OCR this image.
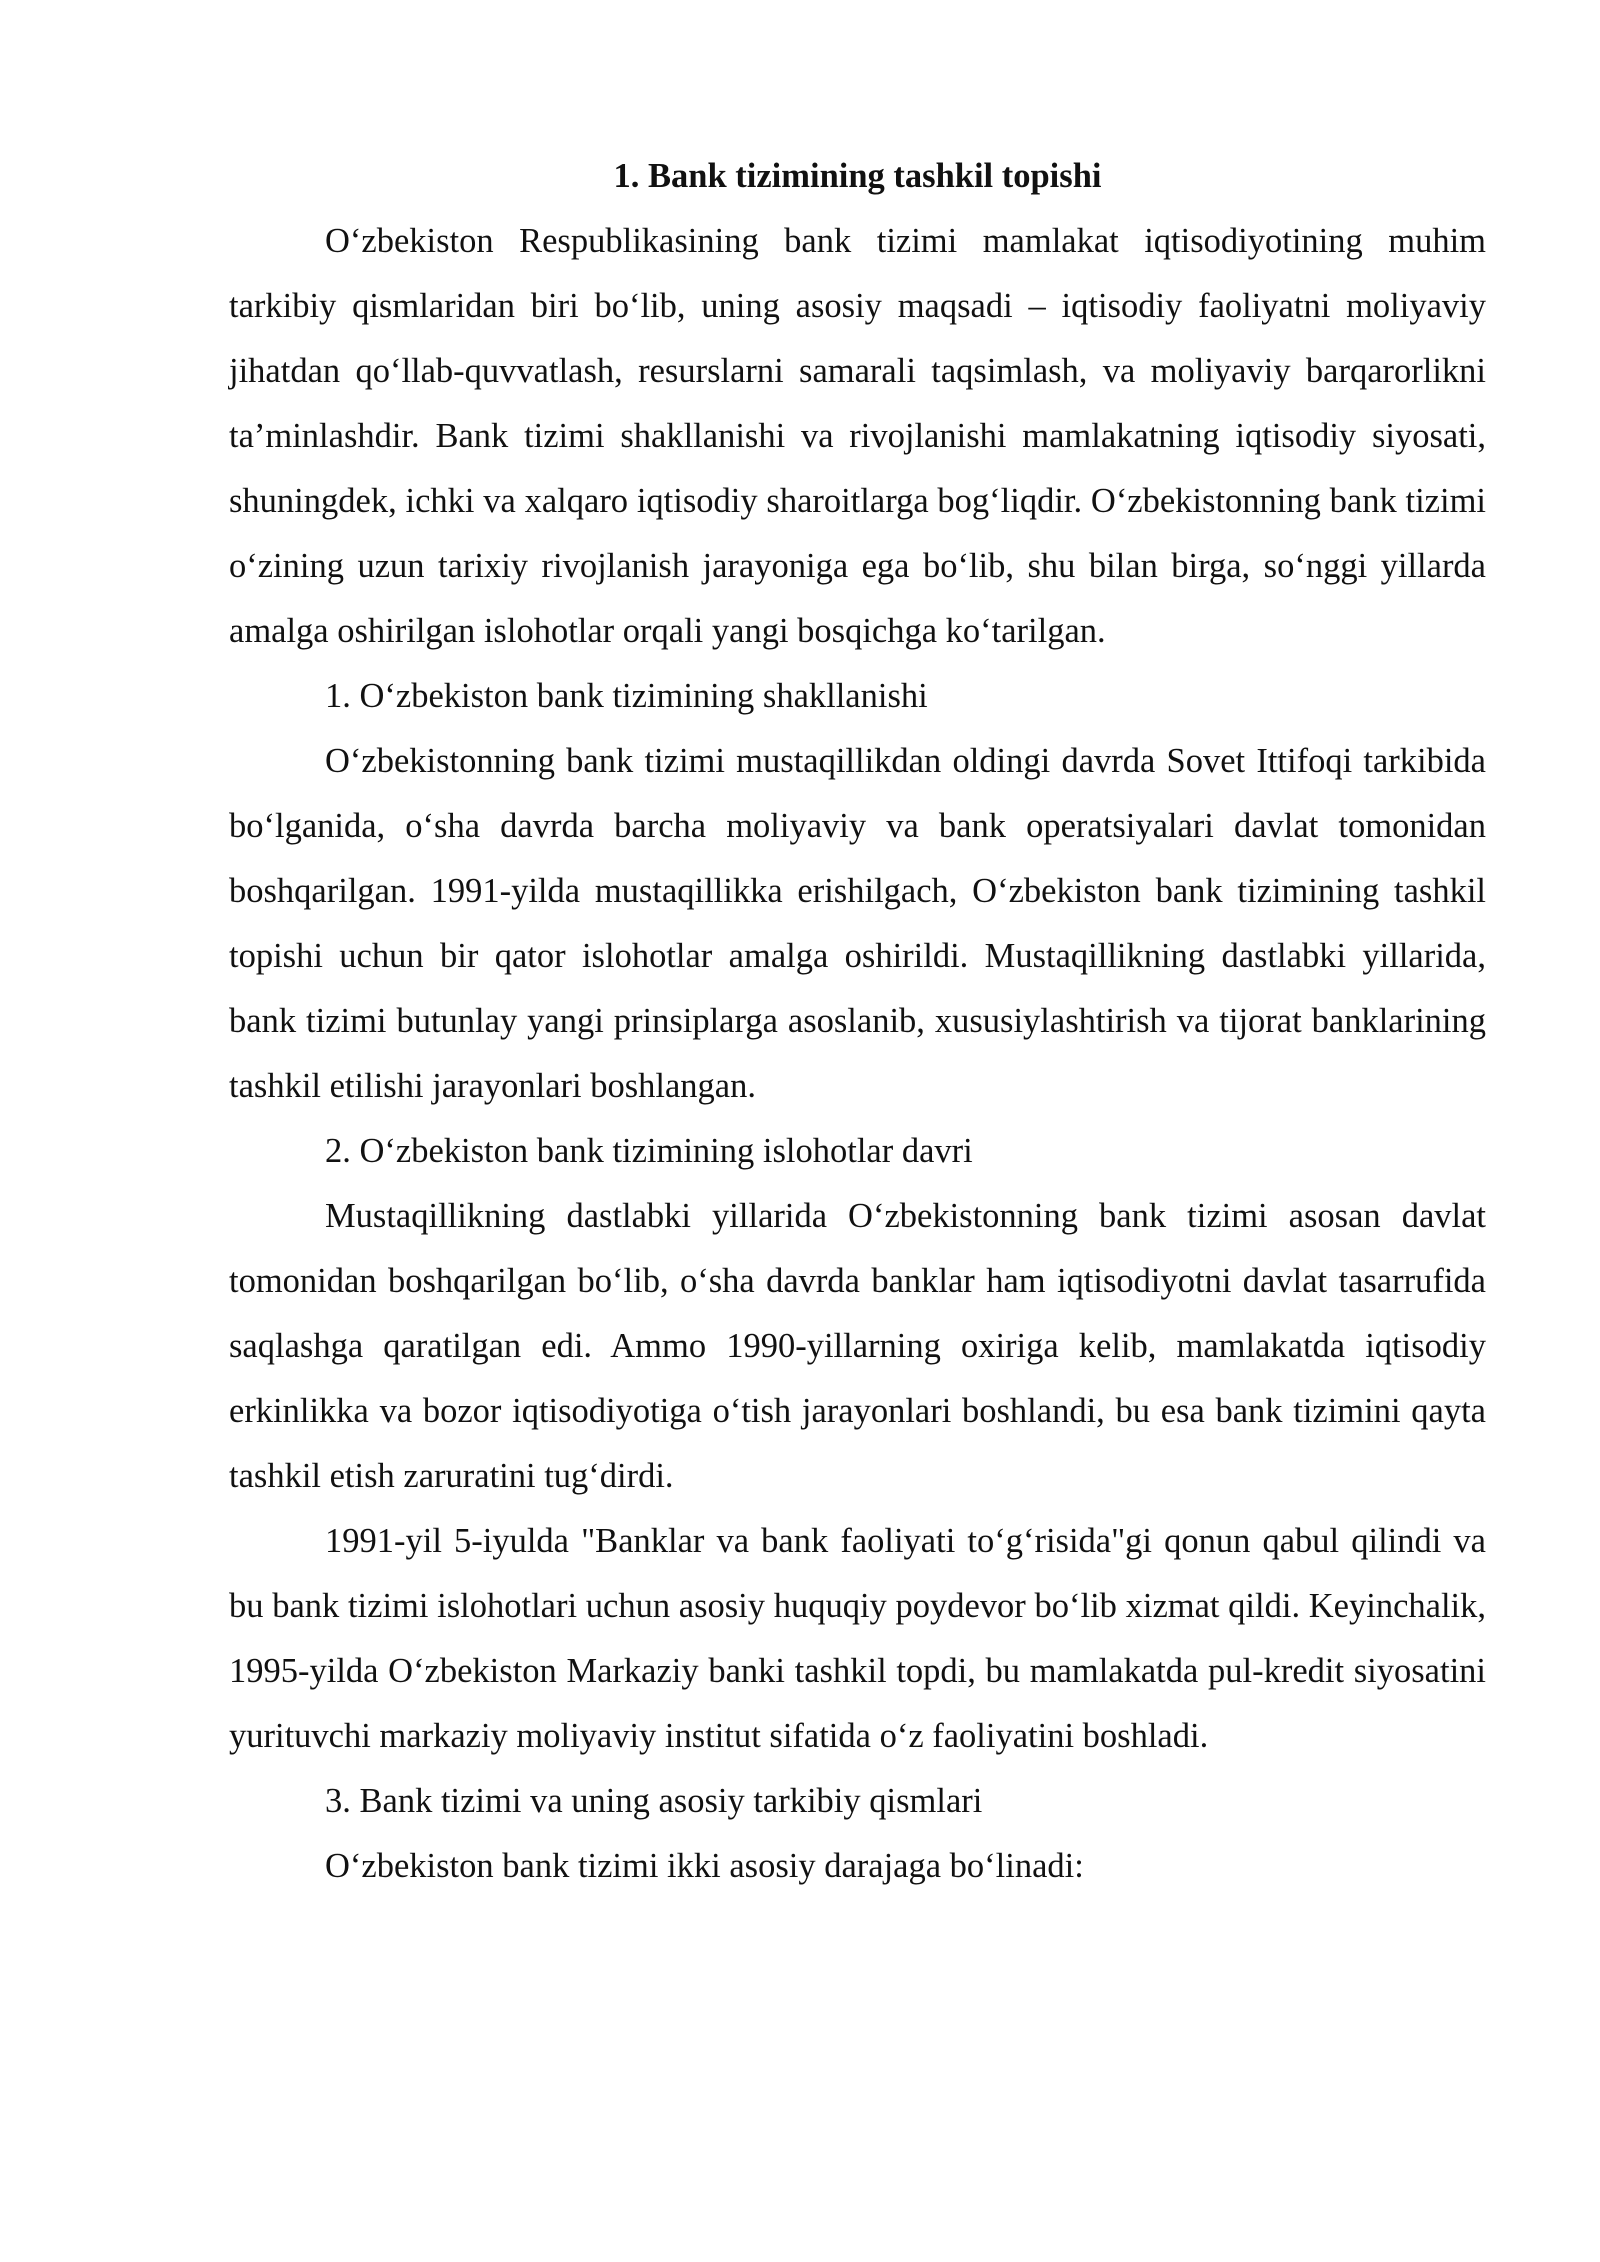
1. Bank tizimining tashkil topishi

O‘zbekiston Respublikasining bank tizimi mamlakat iqtisodiyotining muhim tarkibiy qismlaridan biri bo‘lib, uning asosiy maqsadi – iqtisodiy faoliyatni moliyaviy jihatdan qo‘llab-quvvatlash, resurslarni samarali taqsimlash, va moliyaviy barqarorlikni ta’minlashdir. Bank tizimi shakllanishi va rivojlanishi mamlakatning iqtisodiy siyosati, shuningdek, ichki va xalqaro iqtisodiy sharoitlarga bog‘liqdir. O‘zbekistonning bank tizimi o‘zining uzun tarixiy rivojlanish jarayoniga ega bo‘lib, shu bilan birga, so‘nggi yillarda amalga oshirilgan islohotlar orqali yangi bosqichga ko‘tarilgan.

1. O‘zbekiston bank tizimining shakllanishi

O‘zbekistonning bank tizimi mustaqillikdan oldingi davrda Sovet Ittifoqi tarkibida bo‘lganida, o‘sha davrda barcha moliyaviy va bank operatsiyalari davlat tomonidan boshqarilgan. 1991-yilda mustaqillikka erishilgach, O‘zbekiston bank tizimining tashkil topishi uchun bir qator islohotlar amalga oshirildi. Mustaqillikning dastlabki yillarida, bank tizimi butunlay yangi prinsiplarga asoslanib, xususiylashtirish va tijorat banklarining tashkil etilishi jarayonlari boshlangan.

2. O‘zbekiston bank tizimining islohotlar davri

Mustaqillikning dastlabki yillarida O‘zbekistonning bank tizimi asosan davlat tomonidan boshqarilgan bo‘lib, o‘sha davrda banklar ham iqtisodiyotni davlat tasarrufida saqlashga qaratilgan edi. Ammo 1990-yillarning oxiriga kelib, mamlakatda iqtisodiy erkinlikka va bozor iqtisodiyotiga o‘tish jarayonlari boshlandi, bu esa bank tizimini qayta tashkil etish zaruratini tug‘dirdi.

1991-yil 5-iyulda "Banklar va bank faoliyati to‘g‘risida"gi qonun qabul qilindi va bu bank tizimi islohotlari uchun asosiy huquqiy poydevor bo‘lib xizmat qildi. Keyinchalik, 1995-yilda O‘zbekiston Markaziy banki tashkil topdi, bu mamlakatda pul-kredit siyosatini yurituvchi markaziy moliyaviy institut sifatida o‘z faoliyatini boshladi.

3. Bank tizimi va uning asosiy tarkibiy qismlari

O‘zbekiston bank tizimi ikki asosiy darajaga bo‘linadi:
